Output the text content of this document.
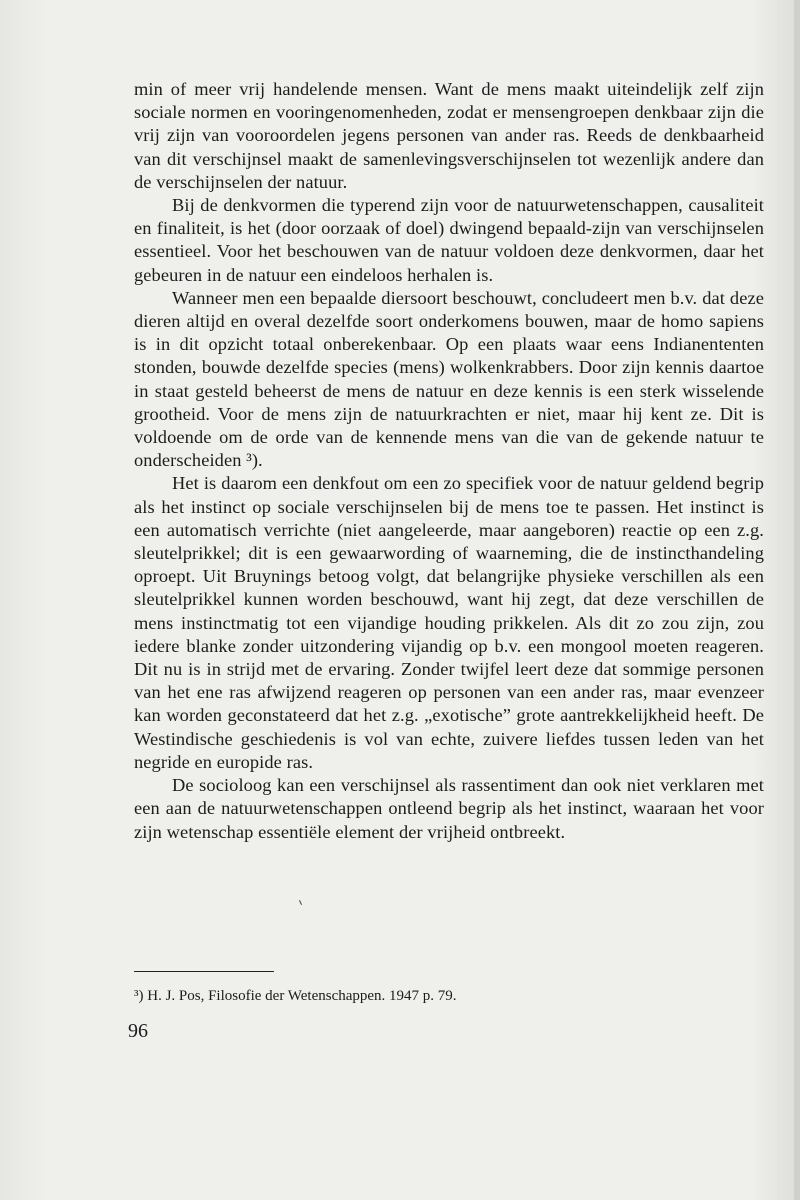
min of meer vrij handelende mensen. Want de mens maakt uiteindelijk zelf zijn sociale normen en vooringenomenheden, zodat er mensengroepen denkbaar zijn die vrij zijn van vooroordelen jegens personen van ander ras. Reeds de denkbaarheid van dit verschijnsel maakt de samenlevingsverschijnselen tot wezenlijk andere dan de verschijnselen der natuur.

Bij de denkvormen die typerend zijn voor de natuurwetenschappen, causaliteit en finaliteit, is het (door oorzaak of doel) dwingend bepaald-zijn van verschijnselen essentieel. Voor het beschouwen van de natuur voldoen deze denkvormen, daar het gebeuren in de natuur een eindeloos herhalen is.

Wanneer men een bepaalde diersoort beschouwt, concludeert men b.v. dat deze dieren altijd en overal dezelfde soort onderkomens bouwen, maar de homo sapiens is in dit opzicht totaal onberekenbaar. Op een plaats waar eens Indianententen stonden, bouwde dezelfde species (mens) wolkenkrabbers. Door zijn kennis daartoe in staat gesteld beheerst de mens de natuur en deze kennis is een sterk wisselende grootheid. Voor de mens zijn de natuurkrachten er niet, maar hij kent ze. Dit is voldoende om de orde van de kennende mens van die van de gekende natuur te onderscheiden ³).

Het is daarom een denkfout om een zo specifiek voor de natuur geldend begrip als het instinct op sociale verschijnselen bij de mens toe te passen. Het instinct is een automatisch verrichte (niet aangeleerde, maar aangeboren) reactie op een z.g. sleutelprikkel; dit is een gewaarwording of waarneming, die de instincthandeling oproept. Uit Bruynings betoog volgt, dat belangrijke physieke verschillen als een sleutelprikkel kunnen worden beschouwd, want hij zegt, dat deze verschillen de mens instinctmatig tot een vijandige houding prikkelen. Als dit zo zou zijn, zou iedere blanke zonder uitzondering vijandig op b.v. een mongool moeten reageren. Dit nu is in strijd met de ervaring. Zonder twijfel leert deze dat sommige personen van het ene ras afwijzend reageren op personen van een ander ras, maar evenzeer kan worden geconstateerd dat het z.g. „exotische” grote aantrekkelijkheid heeft. De Westindische geschiedenis is vol van echte, zuivere liefdes tussen leden van het negride en europide ras.

De socioloog kan een verschijnsel als rassentiment dan ook niet verklaren met een aan de natuurwetenschappen ontleend begrip als het instinct, waaraan het voor zijn wetenschap essentiële element der vrijheid ontbreekt.

³) H. J. Pos, Filosofie der Wetenschappen. 1947 p. 79.
96
